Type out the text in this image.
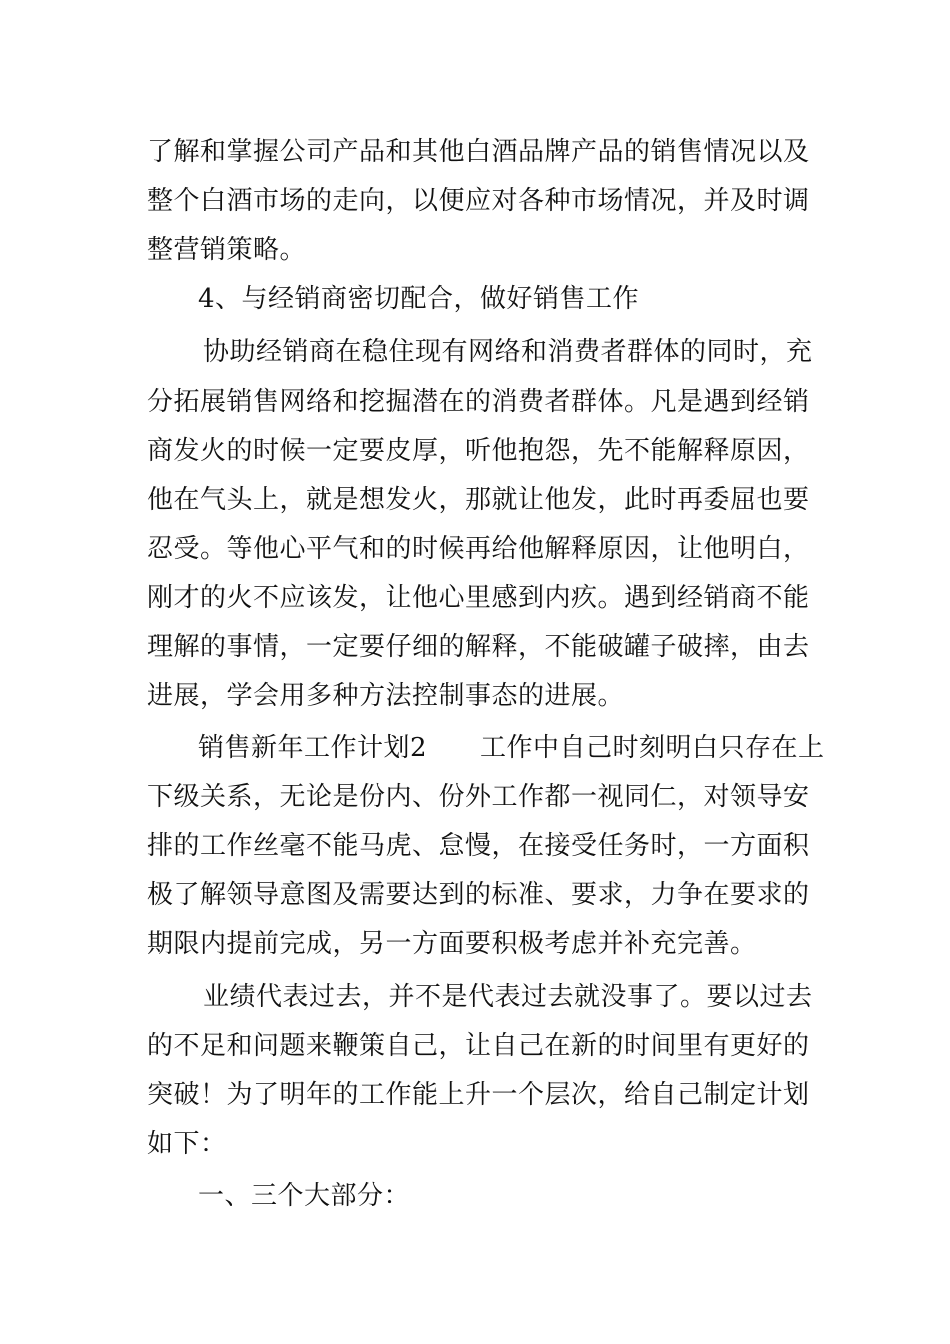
了解和掌握公司产品和其他白酒品牌产品的销售情况以及

整个白酒市场的走向，以便应对各种市场情况，并及时调

整营销策略。

4、与经销商密切配合，做好销售工作

协助经销商在稳住现有网络和消费者群体的同时，充

分拓展销售网络和挖掘潜在的消费者群体。凡是遇到经销

商发火的时候一定要皮厚，听他抱怨，先不能解释原因，

他在气头上，就是想发火，那就让他发，此时再委屈也要

忍受。等他心平气和的时候再给他解释原因，让他明白，

刚才的火不应该发，让他心里感到内疚。遇到经销商不能

理解的事情，一定要仔细的解释，不能破罐子破摔，由去

进展，学会用多种方法控制事态的进展。

销售新年工作计划2　　工作中自己时刻明白只存在上

下级关系，无论是份内、份外工作都一视同仁，对领导安

排的工作丝毫不能马虎、怠慢，在接受任务时，一方面积

极了解领导意图及需要达到的标准、要求，力争在要求的

期限内提前完成，另一方面要积极考虑并补充完善。

业绩代表过去，并不是代表过去就没事了。要以过去

的不足和问题来鞭策自己，让自己在新的时间里有更好的

突破！为了明年的工作能上升一个层次，给自己制定计划

如下：

一、三个大部分：
